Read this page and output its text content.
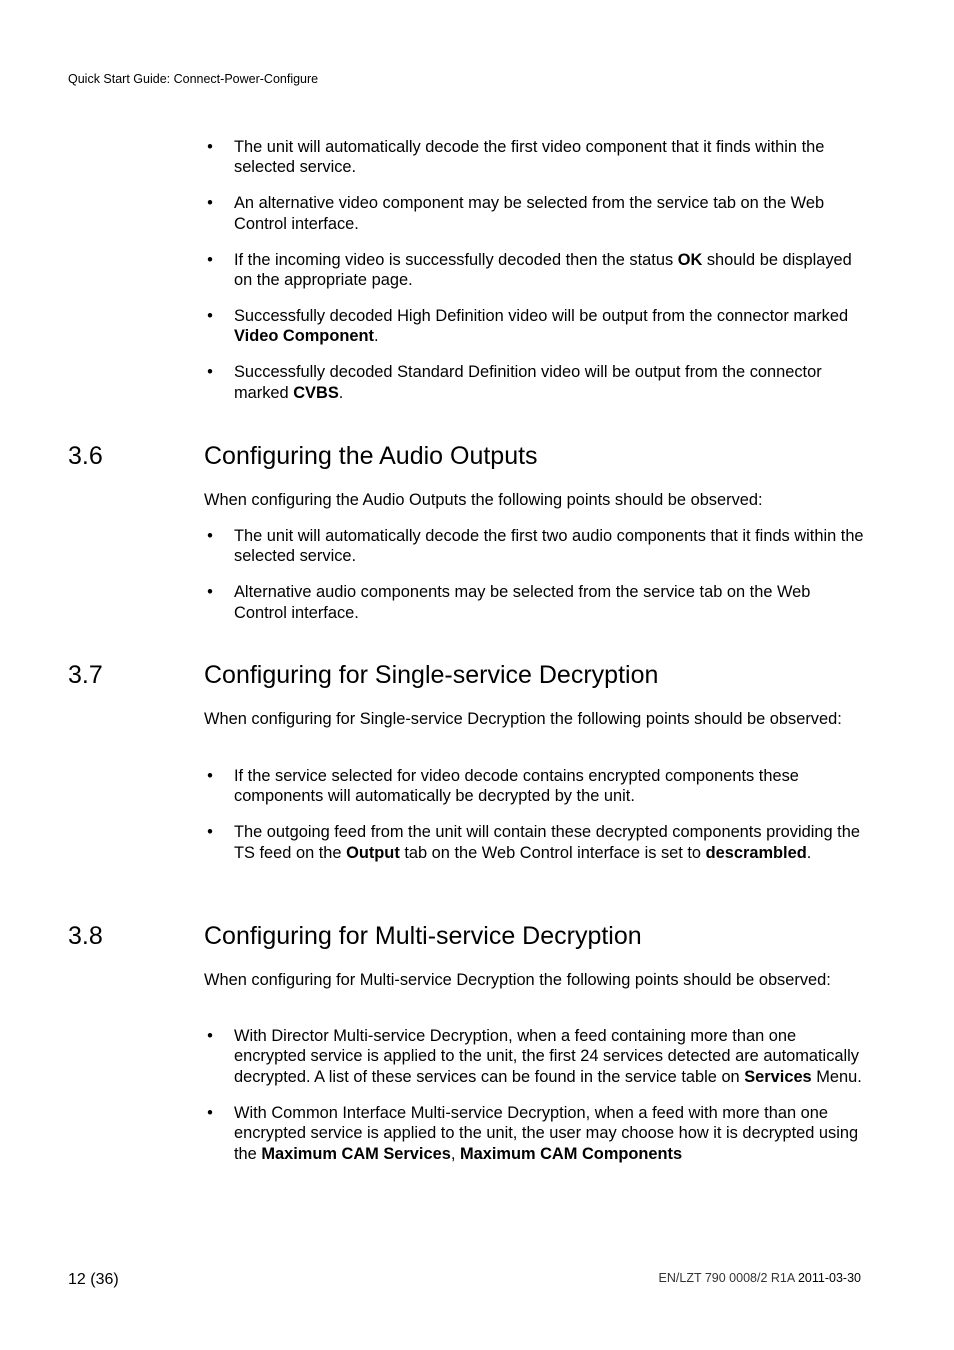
Quick Start Guide: Connect-Power-Configure
• The unit will automatically decode the first video component that it finds within the selected service.
• An alternative video component may be selected from the service tab on the Web Control interface.
• If the incoming video is successfully decoded then the status OK should be displayed on the appropriate page.
• Successfully decoded High Definition video will be output from the connector marked Video Component.
• Successfully decoded Standard Definition video will be output from the connector marked CVBS.
3.6	Configuring the Audio Outputs

When configuring the Audio Outputs the following points should be observed:

• The unit will automatically decode the first two audio components that it finds within the selected service.
• Alternative audio components may be selected from the service tab on the Web Control interface.
3.7	Configuring for Single-service Decryption

When configuring for Single-service Decryption the following points should be observed:

• If the service selected for video decode contains encrypted components these components will automatically be decrypted by the unit.
• The outgoing feed from the unit will contain these decrypted components providing the TS feed on the Output tab on the Web Control interface is set to descrambled.
3.8	Configuring for Multi-service Decryption

When configuring for Multi-service Decryption the following points should be observed:

• With Director Multi-service Decryption, when a feed containing more than one encrypted service is applied to the unit, the first 24 services detected are automatically decrypted. A list of these services can be found in the service table on Services Menu.
• With Common Interface Multi-service Decryption, when a feed with more than one encrypted service is applied to the unit, the user may choose how it is decrypted using the Maximum CAM Services, Maximum CAM Components
12 (36)	EN/LZT 790 0008/2 R1A 2011-03-30
